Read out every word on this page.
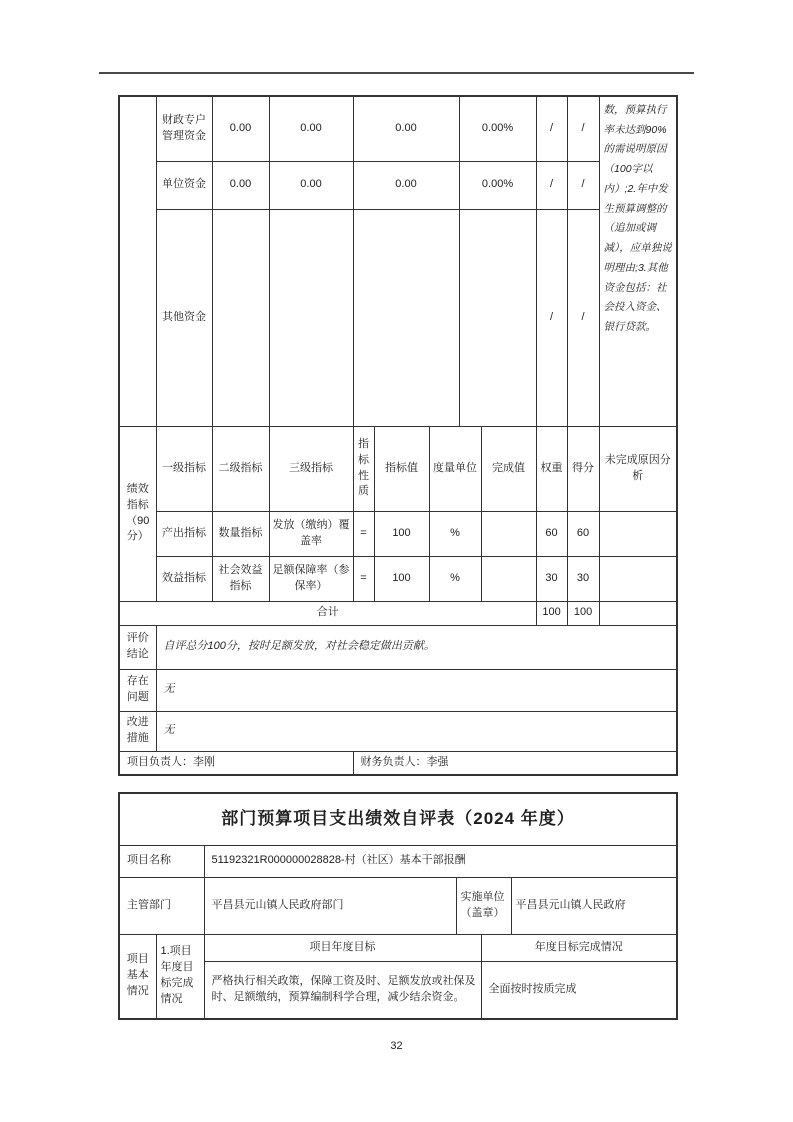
	财政专户管理资金	0.00	0.00	0.00			0.00%		/	/	数，预算执行率未达到90%的需说明原因（100字以内）;2.年中发生预算调整的（追加或调减），应单独说明理由;3.其他资金包括：社会投入资金、银行贷款。
	单位资金	0.00	0.00	0.00			0.00%		/	/	
	其他资金								/	/	
绩效指标（90分）	一级指标	二级指标	三级指标	指标性质	指标值	度量单位		完成值	权重	得分	未完成原因分析
	产出指标	数量指标	发放（缴纳）覆盖率	=	100	%			60	60	
	效益指标	社会效益指标	足额保障率（参保率）	=	100	%			30	30	
合计									100	100	
评价结论	自评总分100分，按时足额发放，对社会稳定做出贡献。										
存在问题	无										
改进措施	无										
项目负责人：李刚				财务负责人：李强							
部门预算项目支出绩效自评表（2024 年度）					
项目名称		51192321R000000028828-村（社区）基本干部报酬			
主管部门		平昌县元山镇人民政府部门	实施单位（盖章）		平昌县元山镇人民政府
项目基本情况	1.项目年度目标完成情况	项目年度目标		年度目标完成情况	
		严格执行相关政策，保障工资及时、足额发放或社保及时、足额缴纳，预算编制科学合理，减少结余资金。		全面按时按质完成	
32
